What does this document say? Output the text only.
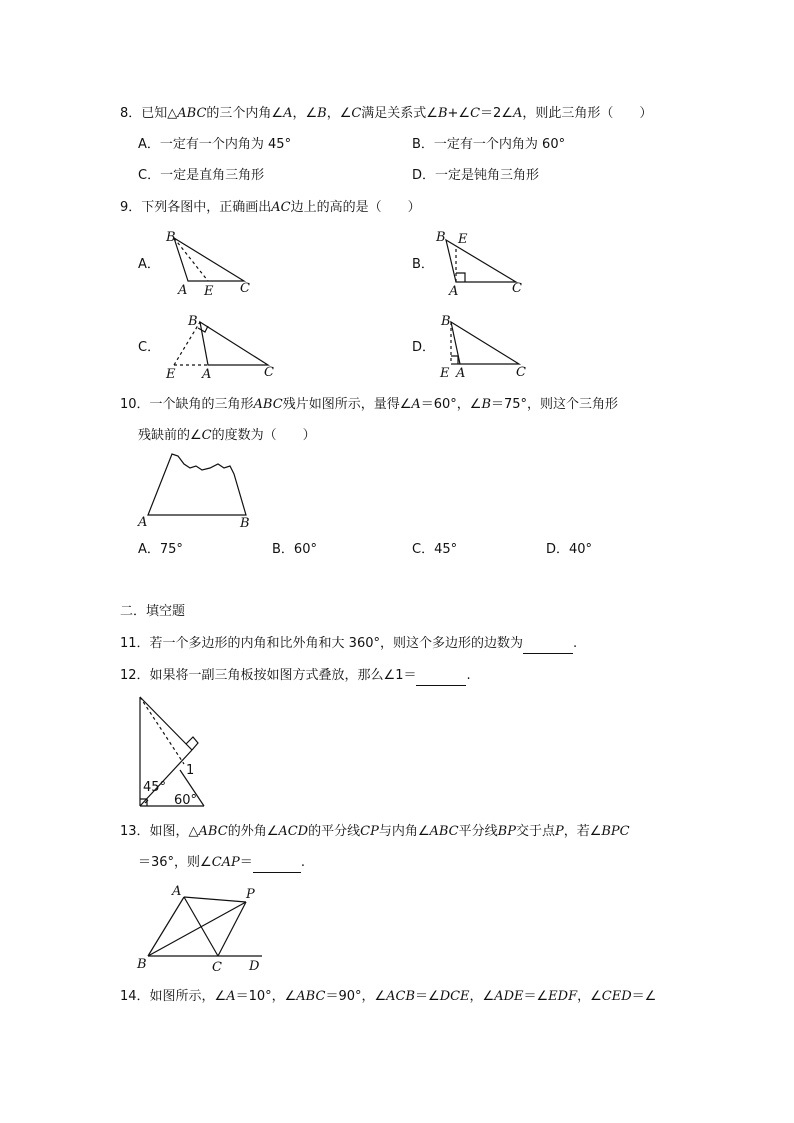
8．已知△ABC的三个内角∠A，∠B，∠C满足关系式∠B+∠C＝2∠A，则此三角形（　　）
A．一定有一个内角为 45°	B．一定有一个内角为 60°
C．一定是直角三角形	D．一定是钝角三角形
9．下列各图中，正确画出AC边上的高的是（　　）
A．
B
A E C
B．
B E
A	C
C．
B
E A	C
D．
B
E A	C
10．一个缺角的三角形ABC残片如图所示，量得∠A＝60°，∠B＝75°，则这个三角形
残缺前的∠C的度数为（　　）
A	B
A．75°	B．60°	C．45°	D．40°
二．填空题
11．若一个多边形的内角和比外角和大 360°，则这个多边形的边数为	.
12．如果将一副三角板按如图方式叠放，那么∠1＝	.
45°
60°
1
13．如图，△ABC的外角∠ACD的平分线CP与内角∠ABC平分线BP交于点P，若∠BPC
＝36°，则∠CAP＝	.
A	P
B	C D
14．如图所示，∠A＝10°，∠ABC＝90°，∠ACB＝∠DCE，∠ADE＝∠EDF，∠CED＝∠
